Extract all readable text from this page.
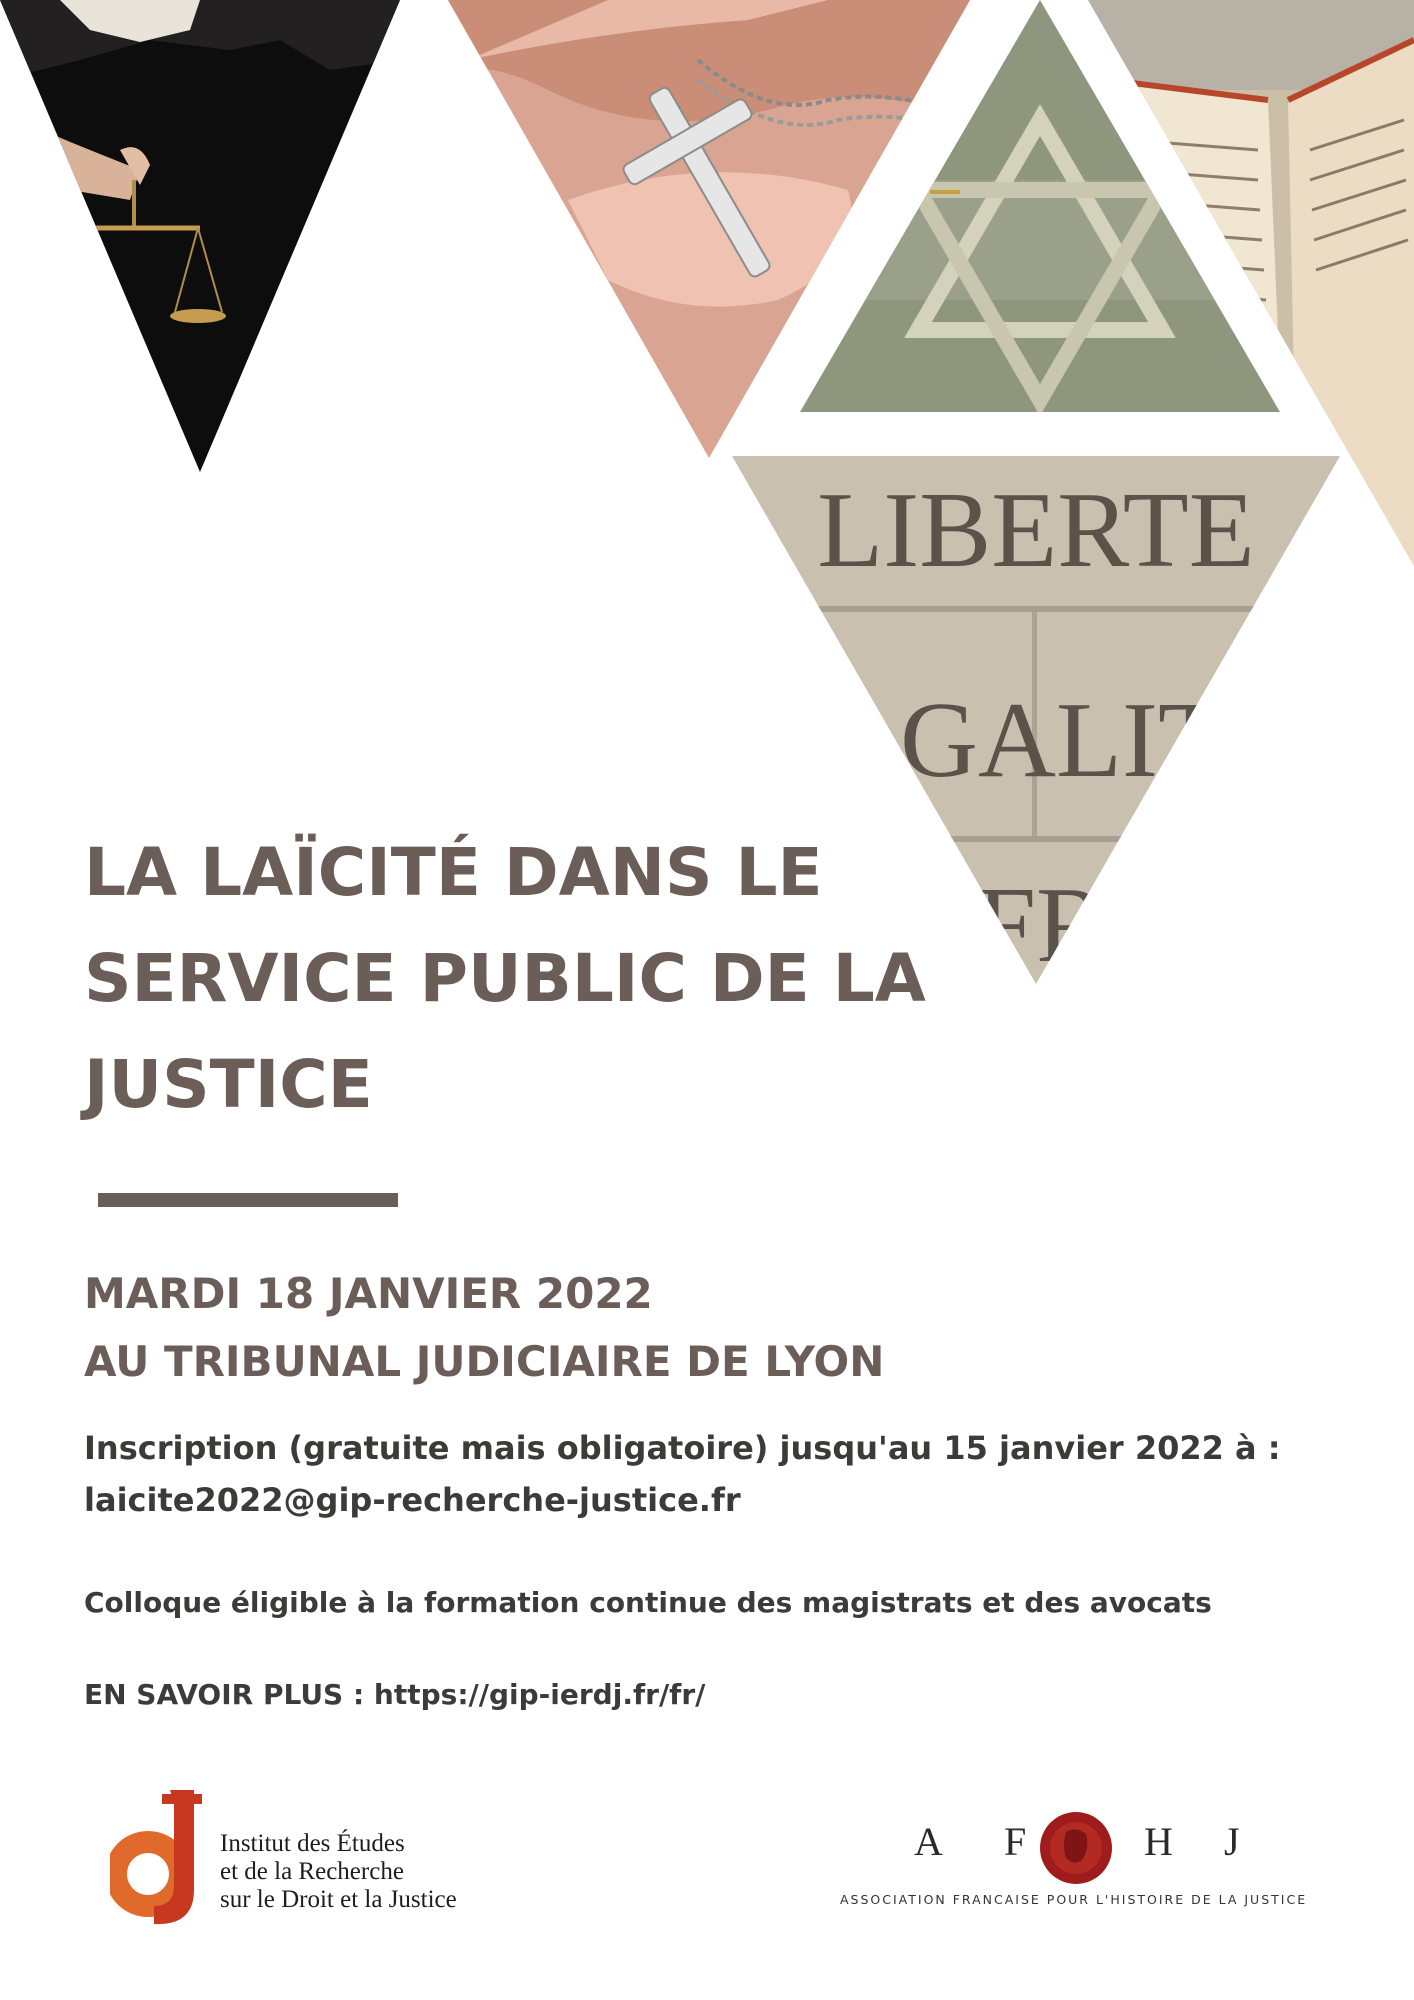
LIBERTE
GALIT
FR
LA LAÏCITÉ DANS LE
SERVICE PUBLIC DE LA
JUSTICE
MARDI 18 JANVIER 2022
AU TRIBUNAL JUDICIAIRE DE LYON

Inscription (gratuite mais obligatoire) jusqu'au 15 janvier 2022 à :
laicite2022@gip-recherche-justice.fr

Colloque éligible à la formation continue des magistrats et des avocats

EN SAVOIR PLUS : https://gip-ierdj.fr/fr/

Institut des Études
et de la Recherche
sur le Droit et la Justice
A F	H J
ASSOCIATION FRANCAISE POUR L'HISTOIRE DE LA JUSTICE
